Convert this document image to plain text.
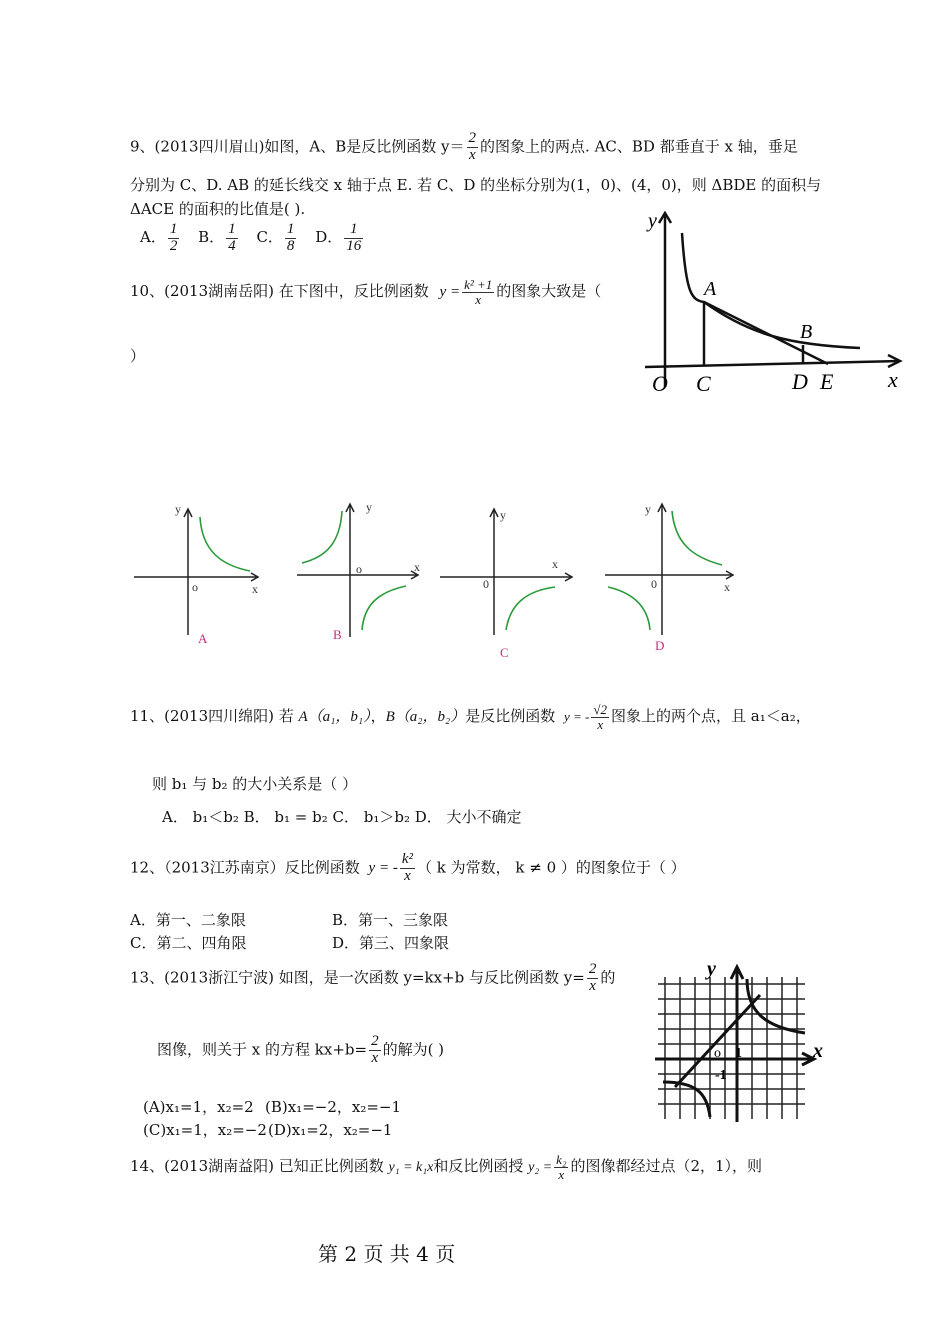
9、(2013四川眉山)如图，A、B是反比例函数 $y= \frac{2}{x}$ 的图象上的两点. AC、BD 都垂直于 x 轴，垂足
分别为 C、D. AB 的延长线交 x 轴于点 E. 若 C、D 的坐标分别为(1，0)、(4，0)，则 ΔBDE 的面积与
ΔACE 的面积的比值是( ).
A． $\frac{1}{2}$ B． $\frac{1}{4}$ C． $\frac{1}{8}$ D． $\frac{1}{16}$
y
A
B
O C	D E x
10、(2013湖南岳阳) 在下图中，反比例函数 $y = \frac{\text{k² +1}}{x}$ 的图象大致是（
）
y
o	x
y
o	x
y
0
x
y
0	x
A	B
C	D
11、(2013四川绵阳) 若 A（a₁，b₁），B（a₂，b₂）是反比例函数 y = - $\frac{√2}{x}$ 图象上的两个点，且 a₁＜a₂，
则 b₁ 与 b₂ 的大小关系是（ ）
A． b₁＜b₂ B． b₁ = b₂ C． b₁＞b₂ D． 大小不确定
12、（2013江苏南京）反比例函数 y = - $\frac{\text{k²}}{x}$ （ k 为常数， k ≠ 0 ）的图象位于（ ）
A．第一、二象限	B．第一、三象限
C．第二、四角限	D．第三、四象限
13、(2013浙江宁波) 如图，是一次函数 y=kx+b 与反比例函数 $y= \frac{2}{x}$ 的
图像，则关于 x 的方程 $kx+b= \frac{2}{x}$ 的解为( )
(A)x₁=1，x₂=2 (B)x₁=−2，x₂=−1
(C)x₁=1，x₂=−2 (D)x₁=2，x₂=−1
y
x
o 1
-1
14、(2013湖南益阳) 已知正比例函数 y₁ = k₁x和反比例函授 $y_2 = \frac{\text{k₂}}{x}$ 的图像都经过点（2，1），则
第 2 页 共 4 页
